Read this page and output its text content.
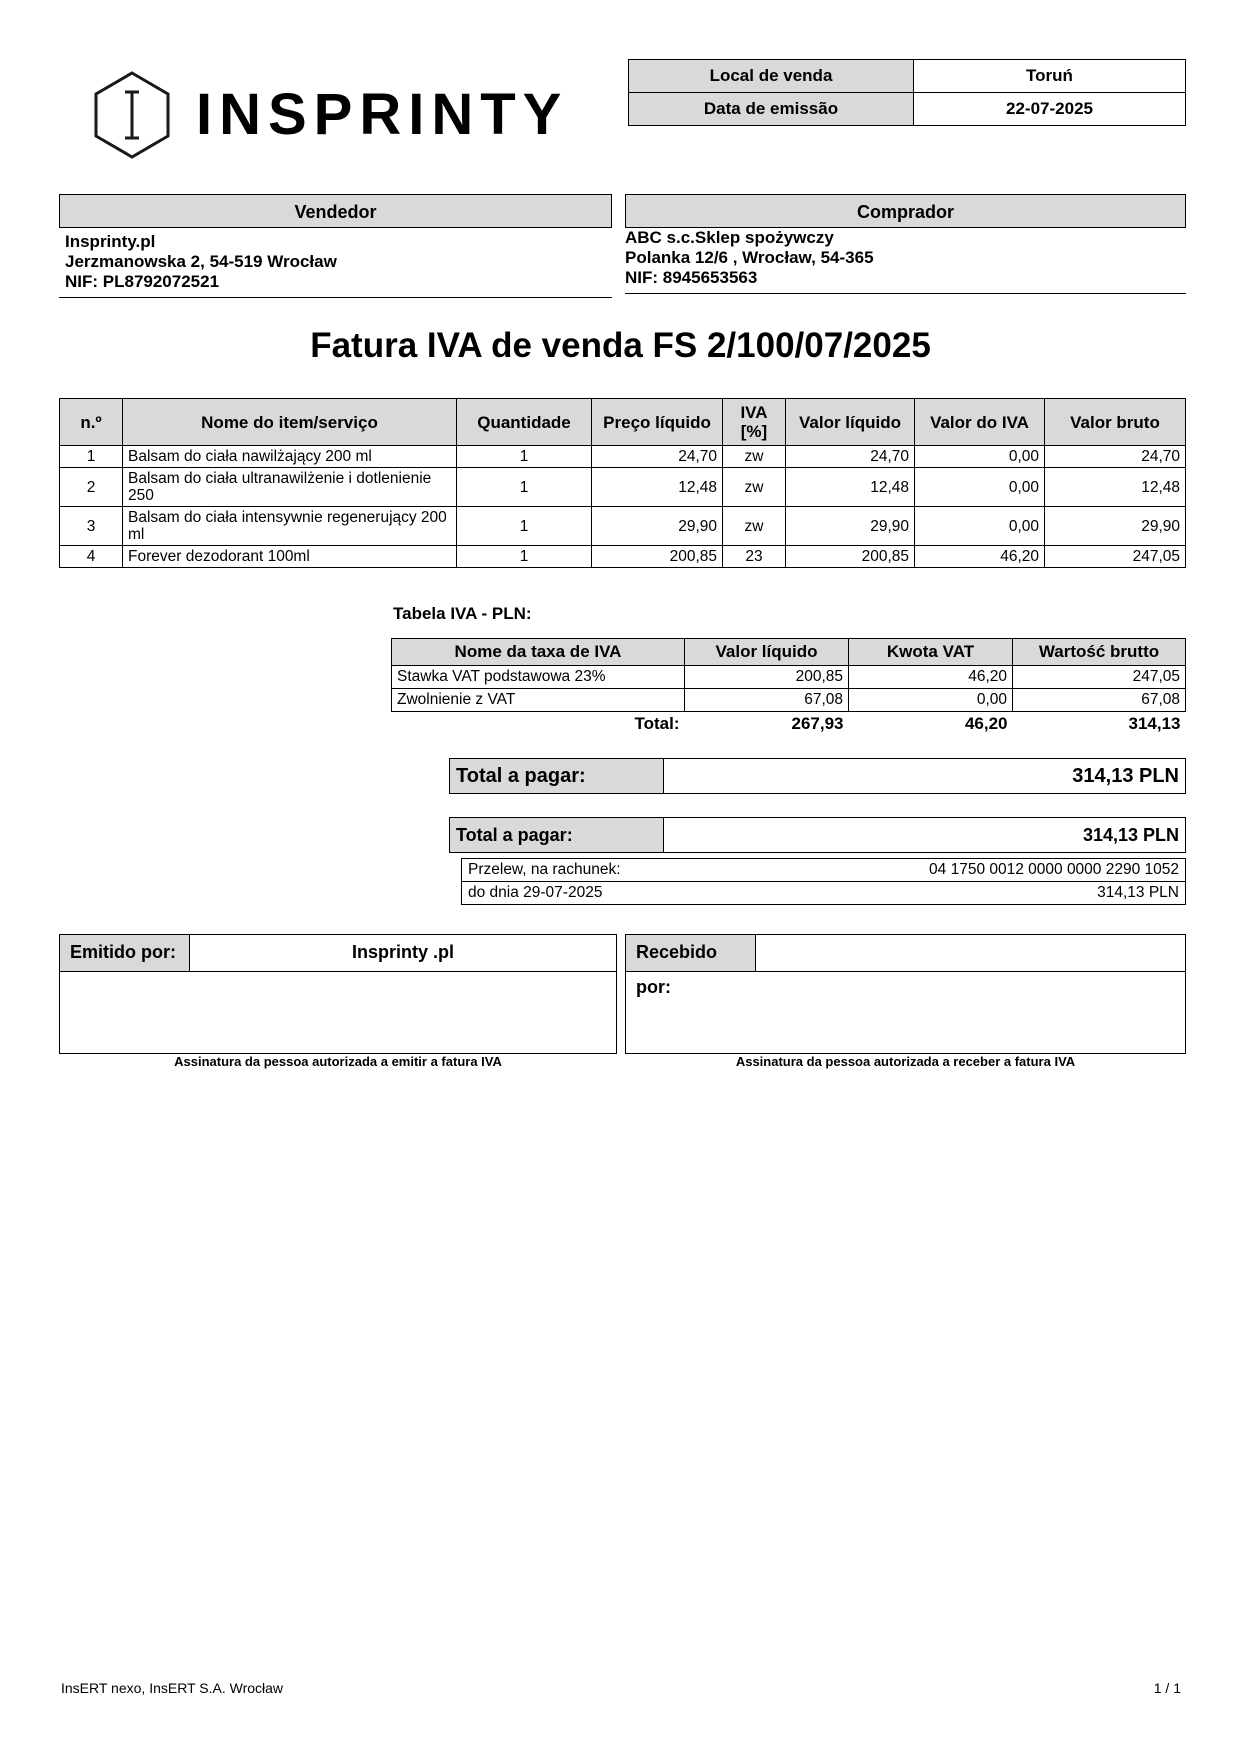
INSPRINTY
Local de venda	Toruń
Data de emissão	22-07-2025
Vendedor
Insprinty.pl
Jerzmanowska 2, 54-519 Wrocław
NIF: PL8792072521
Comprador
ABC s.c.Sklep spożywczy
Polanka 12/6 , Wrocław, 54-365
NIF: 8945653563
Fatura IVA de venda FS 2/100/07/2025
n.º	Nome do item/serviço	Quantidade	Preço líquido	IVA [%]	Valor líquido	Valor do IVA	Valor bruto
1	Balsam do ciała nawilżający 200 ml	1	24,70	zw	24,70	0,00	24,70
2	Balsam do ciała ultranawilżenie i dotlenienie 250	1	12,48	zw	12,48	0,00	12,48
3	Balsam do ciała intensywnie regenerujący 200 ml	1	29,90	zw	29,90	0,00	29,90
4	Forever dezodorant 100ml	1	200,85	23	200,85	46,20	247,05
Tabela IVA - PLN:
Nome da taxa de IVA	Valor líquido	Kwota VAT	Wartość brutto
Stawka VAT podstawowa 23%	200,85	46,20	247,05
Zwolnienie z VAT	67,08	0,00	67,08
Total:	267,93	46,20	314,13
Total a pagar:	314,13 PLN
Total a pagar:	314,13 PLN
Przelew, na rachunek:	04 1750 0012 0000 0000 2290 1052
do dnia 29-07-2025	314,13 PLN
Emitido por:	Insprinty .pl
Assinatura da pessoa autorizada a emitir a fatura IVA
Recebido por:
Assinatura da pessoa autorizada a receber a fatura IVA
InsERT nexo, InsERT S.A. Wrocław	1 / 1
